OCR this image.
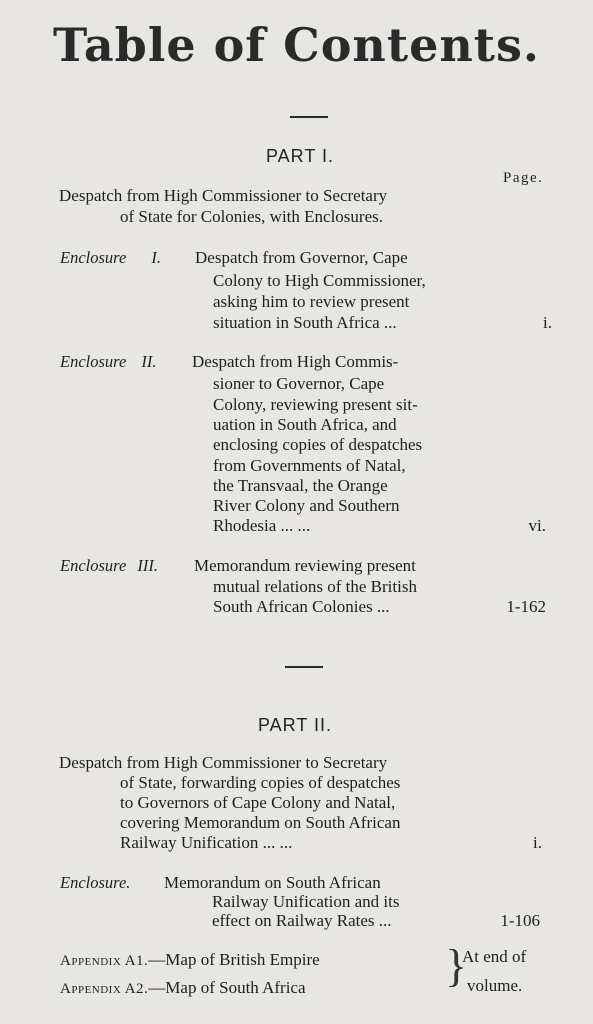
Table of Contents.
PART I.
Page.
Despatch from High Commissioner to Secretary
of State for Colonies, with Enclosures.
Enclosure I. Despatch from Governor, Cape
Colony to High Commissioner,
asking him to review present
situation in South Africa ...	i.
Enclosure II. Despatch from High Commis-
sioner to Governor, Cape
Colony, reviewing present sit-
uation in South Africa, and
enclosing copies of despatches
from Governments of Natal,
the Transvaal, the Orange
River Colony and Southern
Rhodesia ... ...	vi.
Enclosure III. Memorandum reviewing present
mutual relations of the British
South African Colonies ...	1-162
PART II.
Despatch from High Commissioner to Secretary
of State, forwarding copies of despatches
to Governors of Cape Colony and Natal,
covering Memorandum on South African
Railway Unification ... ...	i.
Enclosure. Memorandum on South African
Railway Unification and its
effect on Railway Rates ...	1-106
Appendix A1.—Map of British Empire
Appendix A2.—Map of South Africa	}
At end of
volume.
